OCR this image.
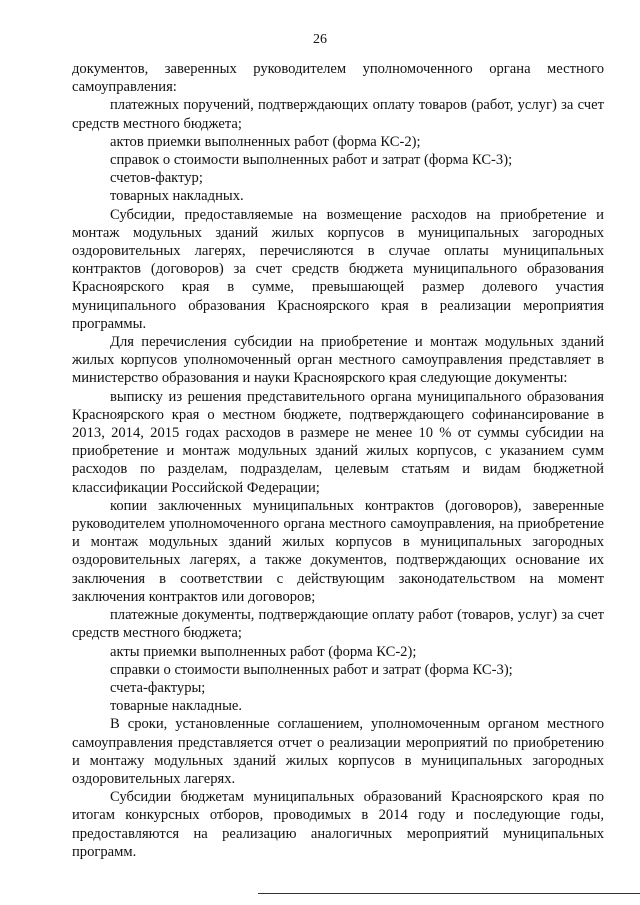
26

документов, заверенных руководителем уполномоченного органа местного самоуправления:

платежных поручений, подтверждающих оплату товаров (работ, услуг) за счет средств местного бюджета;

актов приемки выполненных работ (форма КС-2);

справок о стоимости выполненных работ и затрат (форма КС-3);

счетов-фактур;

товарных накладных.

Субсидии, предоставляемые на возмещение расходов на приобретение и монтаж модульных зданий жилых корпусов в муниципальных загородных оздоровительных лагерях, перечисляются в случае оплаты муниципальных контрактов (договоров) за счет средств бюджета муниципального образования Красноярского края в сумме, превышающей размер долевого участия муниципального образования Красноярского края в реализации мероприятия программы.

Для перечисления субсидии на приобретение и монтаж модульных зданий жилых корпусов уполномоченный орган местного самоуправления представляет в министерство образования и науки Красноярского края следующие документы:

выписку из решения представительного органа муниципального образования Красноярского края о местном бюджете, подтверждающего софинансирование в 2013, 2014, 2015 годах расходов в размере не менее 10 % от суммы субсидии на приобретение и монтаж модульных зданий жилых корпусов, с указанием сумм расходов по разделам, подразделам, целевым статьям и видам бюджетной классификации Российской Федерации;

копии заключенных муниципальных контрактов (договоров), заверенные руководителем уполномоченного органа местного самоуправления, на приобретение и монтаж модульных зданий жилых корпусов в муниципальных загородных оздоровительных лагерях, а также документов, подтверждающих основание их заключения в соответствии с действующим законодательством на момент заключения контрактов или договоров;

платежные документы, подтверждающие оплату работ (товаров, услуг) за счет средств местного бюджета;

акты приемки выполненных работ (форма КС-2);

справки о стоимости выполненных работ и затрат (форма КС-3);

счета-фактуры;

товарные накладные.

В сроки, установленные соглашением, уполномоченным органом местного самоуправления представляется отчет о реализации мероприятий по приобретению и монтажу модульных зданий жилых корпусов в муниципальных загородных оздоровительных лагерях.

Субсидии бюджетам муниципальных образований Красноярского края по итогам конкурсных отборов, проводимых в 2014 году и последующие годы, предоставляются на реализацию аналогичных мероприятий муниципальных программ.
